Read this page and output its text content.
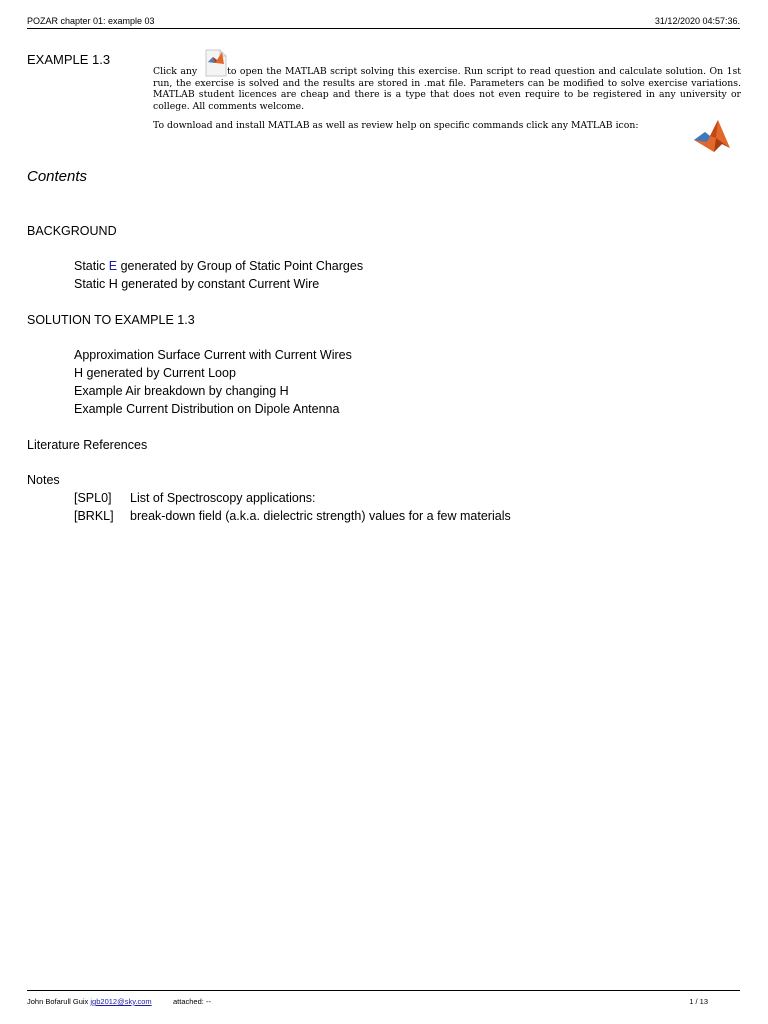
POZAR chapter 01: example 03	31/12/2020 04:57:36.
EXAMPLE 1.3

Click any	to open the MATLAB script solving this exercise. Run script to read question and calculate solution. On 1st run, the exercise is solved and the results are stored in .mat file. Parameters can be modified to solve exercise variations. MATLAB student licences are cheap and there is a type that does not even require to be registered in any university or college. All comments welcome.

To download and install MATLAB as well as review help on specific commands click any MATLAB icon:

Contents
BACKGROUND
Static E generated by Group of Static Point Charges
Static H generated by constant Current Wire
SOLUTION TO EXAMPLE 1.3
Approximation Surface Current with Current Wires
H generated by Current Loop
Example Air breakdown by changing H
Example Current Distribution on Dipole Antenna
Literature References
Notes
[SPL0] List of Spectroscopy applications:
[BRKL] break-down field (a.k.a. dielectric strength) values for a few materials
John Bofarull Guix jgb2012@sky.com	attached: --	1 / 13
